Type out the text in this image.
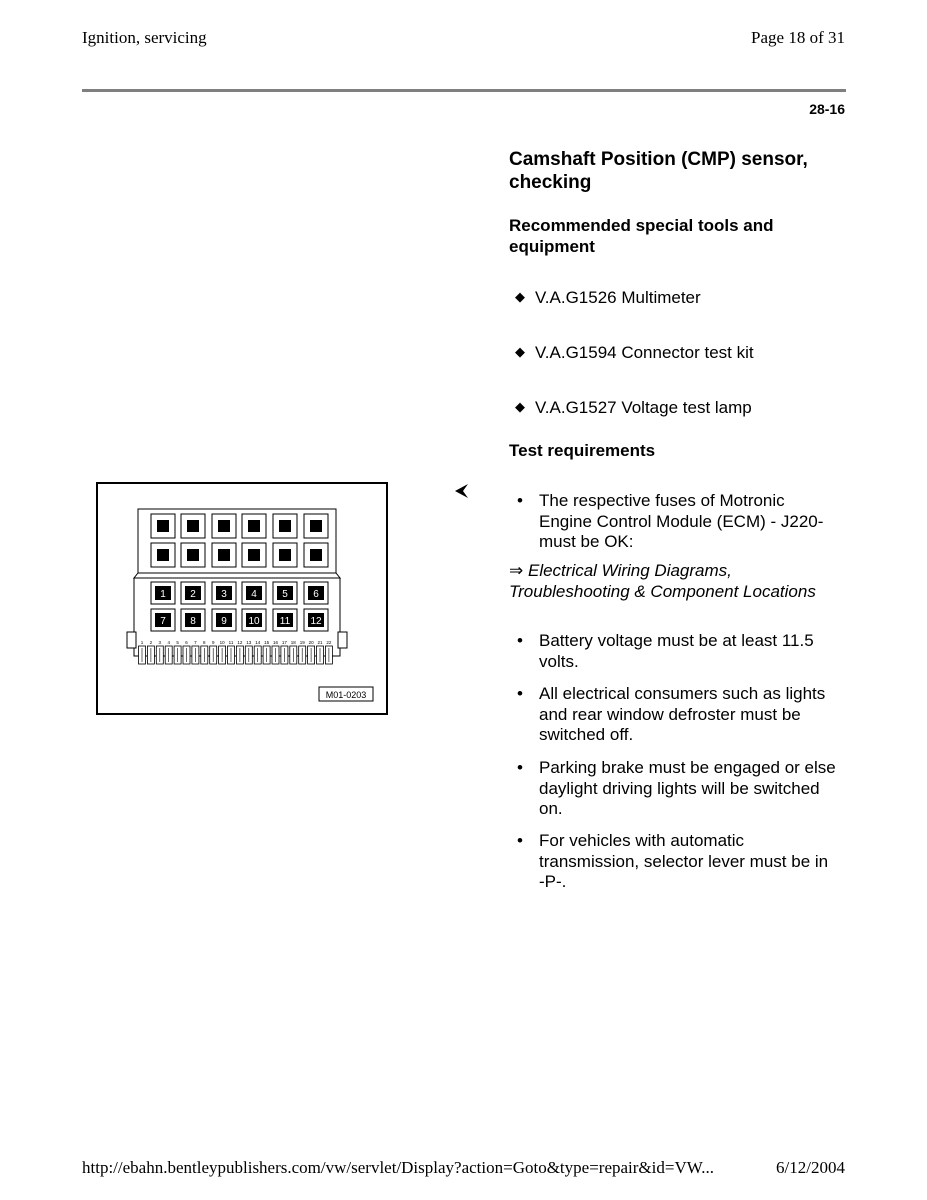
Ignition, servicing	Page 18 of 31
28-16
Camshaft Position (CMP) sensor, checking
Recommended special tools and equipment
◆ V.A.G1526 Multimeter
◆ V.A.G1594 Connector test kit
◆ V.A.G1527 Voltage test lamp
Test requirements
• The respective fuses of Motronic Engine Control Module (ECM) - J220- must be OK:
⇒ Electrical Wiring Diagrams, Troubleshooting & Component Locations
• Battery voltage must be at least 11.5 volts.
• All electrical consumers such as lights and rear window defroster must be switched off.
• Parking brake must be engaged or else daylight driving lights will be switched on.
• For vehicles with automatic transmission, selector lever must be in -P-.
1 2	3 4	5	6
7 8	9 10 11 12
1 2 3 4 5 6 7 8 9 10 11 12 13 14 15 16 17 18 19 20 21 22
M01-0203
http://ebahn.bentleypublishers.com/vw/servlet/Display?action=Goto&type=repair&id=VW...	6/12/2004
